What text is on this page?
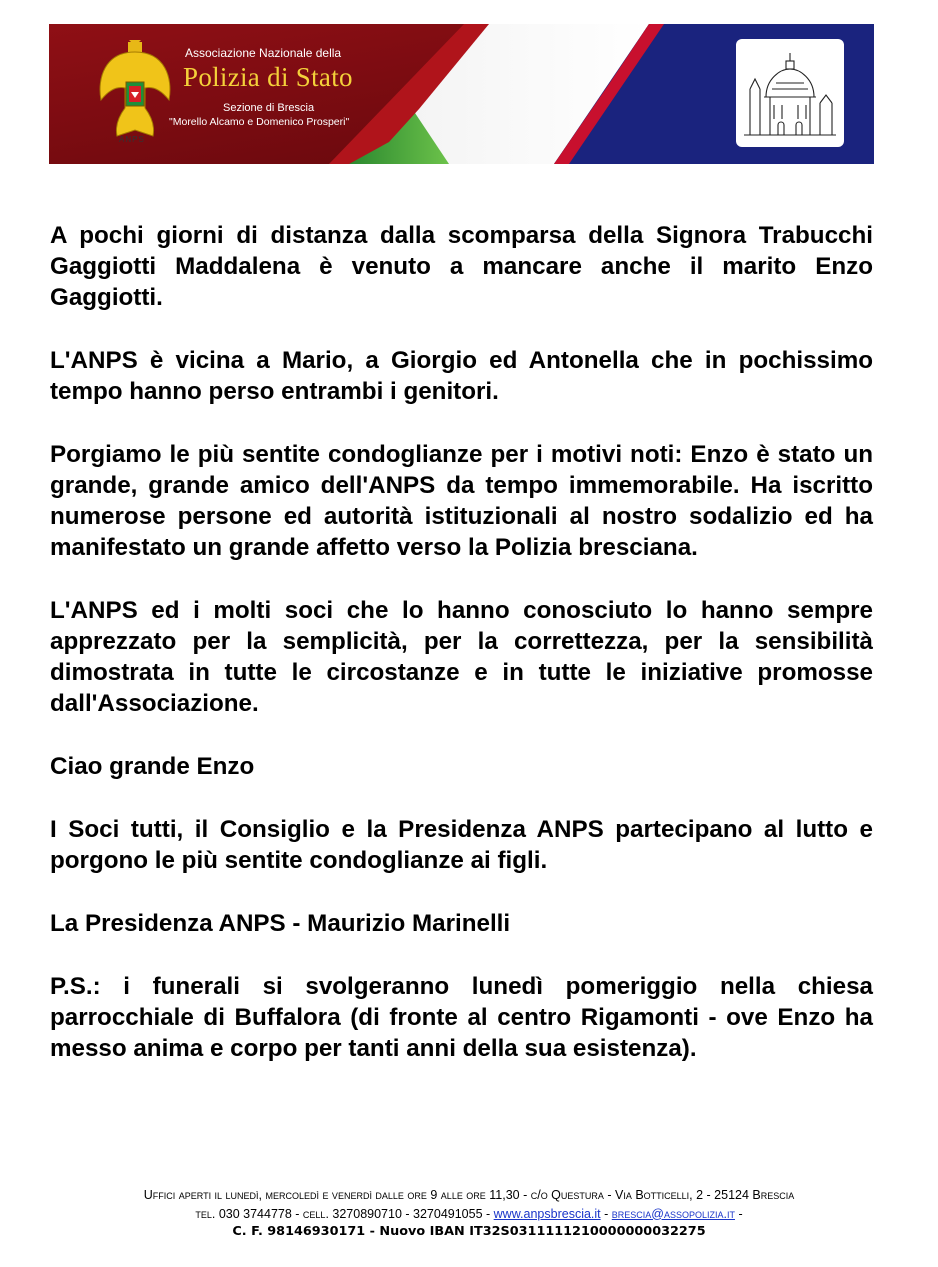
ANPS
Associazione Nazionale della
Polizia di Stato
Sezione di Brescia
"Morello Alcamo e Domenico Prosperi"

A pochi giorni di distanza dalla scomparsa della Signora Trabucchi Gaggiotti Maddalena è venuto a mancare anche il marito Enzo Gaggiotti.

L'ANPS è vicina a Mario, a Giorgio ed Antonella che in pochissimo tempo hanno perso entrambi i genitori.

Porgiamo le più sentite condoglianze per i motivi noti: Enzo è stato un grande, grande amico dell'ANPS da tempo immemorabile. Ha iscritto numerose persone ed autorità istituzionali al nostro sodalizio ed ha manifestato un grande affetto verso la Polizia bresciana.

L'ANPS ed i molti soci che lo hanno conosciuto lo hanno sempre apprezzato per la semplicità, per la correttezza, per la sensibilità dimostrata in tutte le circostanze e in tutte le iniziative promosse dall'Associazione.

Ciao grande Enzo

I Soci tutti, il Consiglio e la Presidenza ANPS partecipano al lutto e porgono le più sentite condoglianze ai figli.

La Presidenza ANPS - Maurizio Marinelli

P.S.: i funerali si svolgeranno lunedì pomeriggio nella chiesa parrocchiale di Buffalora (di fronte al centro Rigamonti - ove Enzo ha messo anima e corpo per tanti anni della sua esistenza).

Uffici aperti il lunedì, mercoledì e venerdì dalle ore 9 alle ore 11,30 - c/o Questura - Via Botticelli, 2 - 25124 Brescia
tel. 030 3744778 - cell. 3270890710 - 3270491055 - www.anpsbrescia.it - brescia@assopolizia.it -
C. F. 98146930171 - Nuovo IBAN IT32S0311111210000000032275
